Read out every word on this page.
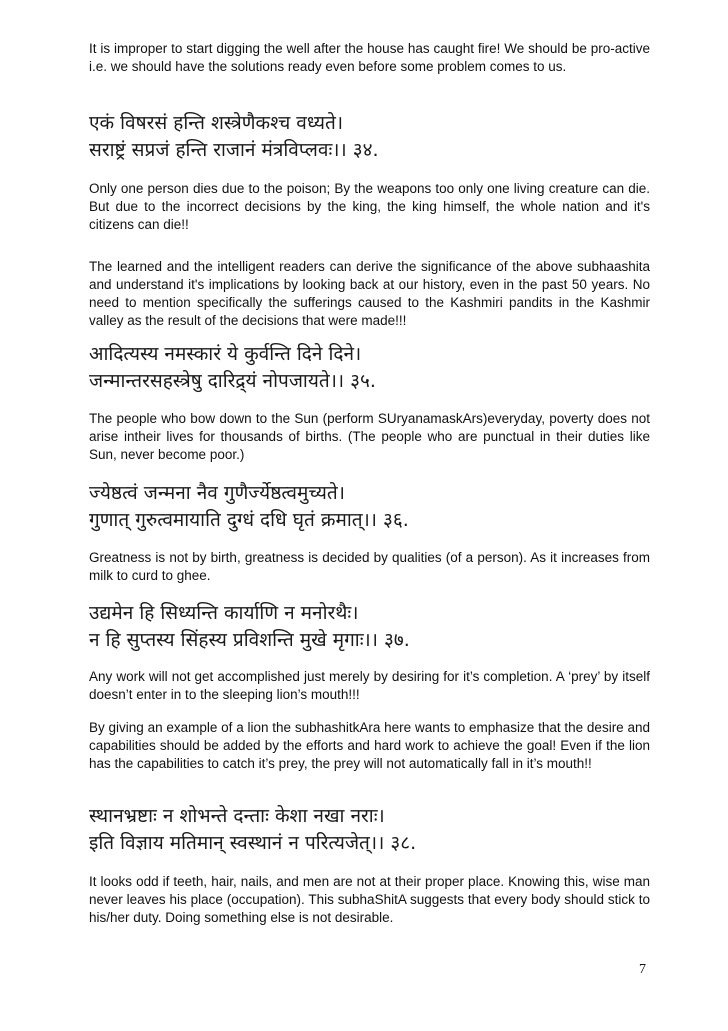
It is improper to start digging the well after the house has caught fire! We should be pro-active i.e. we should have the solutions ready even before some problem comes to us.

एकं विषरसं हन्ति शस्त्रेणैकश्च वध्यते।
सराष्ट्रं सप्रजं हन्ति राजानं मंत्रविप्लवः।। ३४.

Only one person dies due to the poison; By the weapons too only one living creature can die. But due to the incorrect decisions by the king, the king himself, the whole nation and it's citizens can die!!

The learned and the intelligent readers can derive the significance of the above subhaashita and understand it's implications by looking back at our history, even in the past 50 years. No need to mention specifically the sufferings caused to the Kashmiri pandits in the Kashmir valley as the result of the decisions that were made!!!

आदित्यस्य नमस्कारं ये कुर्वन्ति दिने दिने।
जन्मान्तरसहस्त्रेषु दारिद्र्यं नोपजायते।। ३५.

The people who bow down to the Sun (perform SUryanamaskArs)everyday, poverty does not arise intheir lives for thousands of births. (The people who are punctual in their duties like Sun, never become poor.)

ज्येष्ठत्वं जन्मना नैव गुणैर्ज्येष्ठत्वमुच्यते।
गुणात् गुरुत्वमायाति दुग्धं दधि घृतं क्रमात्।। ३६.

Greatness is not by birth, greatness is decided by qualities (of a person). As it increases from milk to curd to ghee.

उद्यमेन हि सिध्यन्ति कार्याणि न मनोरथैः।
न हि सुप्तस्य सिंहस्य प्रविशन्ति मुखे मृगाः।। ३७.

Any work will not get accomplished just merely by desiring for it’s completion. A ‘prey’ by itself doesn’t enter in to the sleeping lion’s mouth!!!

By giving an example of a lion the subhashitkAra here wants to emphasize that the desire and capabilities should be added by the efforts and hard work to achieve the goal! Even if the lion has the capabilities to catch it’s prey, the prey will not automatically fall in it’s mouth!!

स्थानभ्रष्टाः न शोभन्ते दन्ताः केशा नखा नराः।
इति विज्ञाय मतिमान् स्वस्थानं न परित्यजेत्।। ३८.

It looks odd if teeth, hair, nails, and men are not at their proper place. Knowing this, wise man never leaves his place (occupation). This subhaShitA suggests that every body should stick to his/her duty. Doing something else is not desirable.

7
